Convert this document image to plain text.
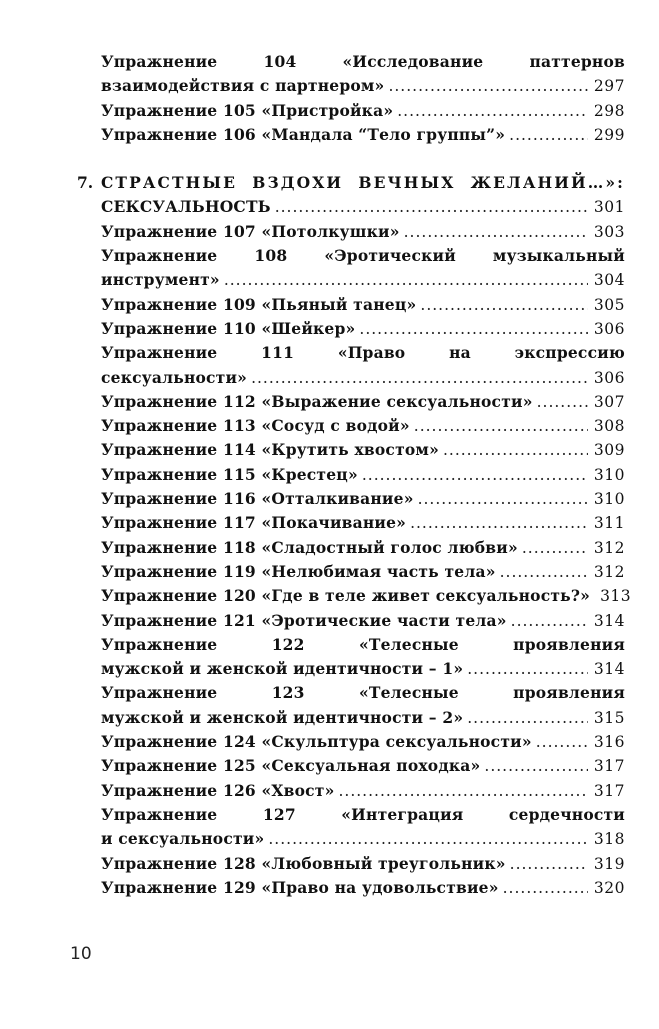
Упражнение 104 «Исследование паттернов
взаимодействия с партнером» .....	297
Упражнение 105 «Пристройка» .....	298
Упражнение 106 «Мандала “Тело группы”» .....	299
7. СТРАСТНЫЕ ВЗДОХИ ВЕЧНЫХ ЖЕЛАНИЙ…»:
СЕКСУАЛЬНОСТЬ .....	301
Упражнение 107 «Потолкушки» .....	303
Упражнение 108 «Эротический музыкальный
инструмент» .....	304
Упражнение 109 «Пьяный танец» .....	305
Упражнение 110 «Шейкер» .....	306
Упражнение 111 «Право на экспрессию
сексуальности» .....	306
Упражнение 112 «Выражение сексуальности» .....	307
Упражнение 113 «Сосуд с водой» .....	308
Упражнение 114 «Крутить хвостом» .....	309
Упражнение 115 «Крестец» .....	310
Упражнение 116 «Отталкивание» .....	310
Упражнение 117 «Покачивание» .....	311
Упражнение 118 «Сладостный голос любви» .....	312
Упражнение 119 «Нелюбимая часть тела» .....	312
Упражнение 120 «Где в теле живет сексуальность?» 313
Упражнение 121 «Эротические части тела» .....	314
Упражнение 122 «Телесные проявления
мужской и женской идентичности – 1» .....	314
Упражнение 123 «Телесные проявления
мужской и женской идентичности – 2» .....	315
Упражнение 124 «Скульптура сексуальности» .....	316
Упражнение 125 «Сексуальная походка» .....	317
Упражнение 126 «Хвост» .....	317
Упражнение 127 «Интеграция сердечности
и сексуальности» .....	318
Упражнение 128 «Любовный треугольник» .....	319
Упражнение 129 «Право на удовольствие» .....	320
10
